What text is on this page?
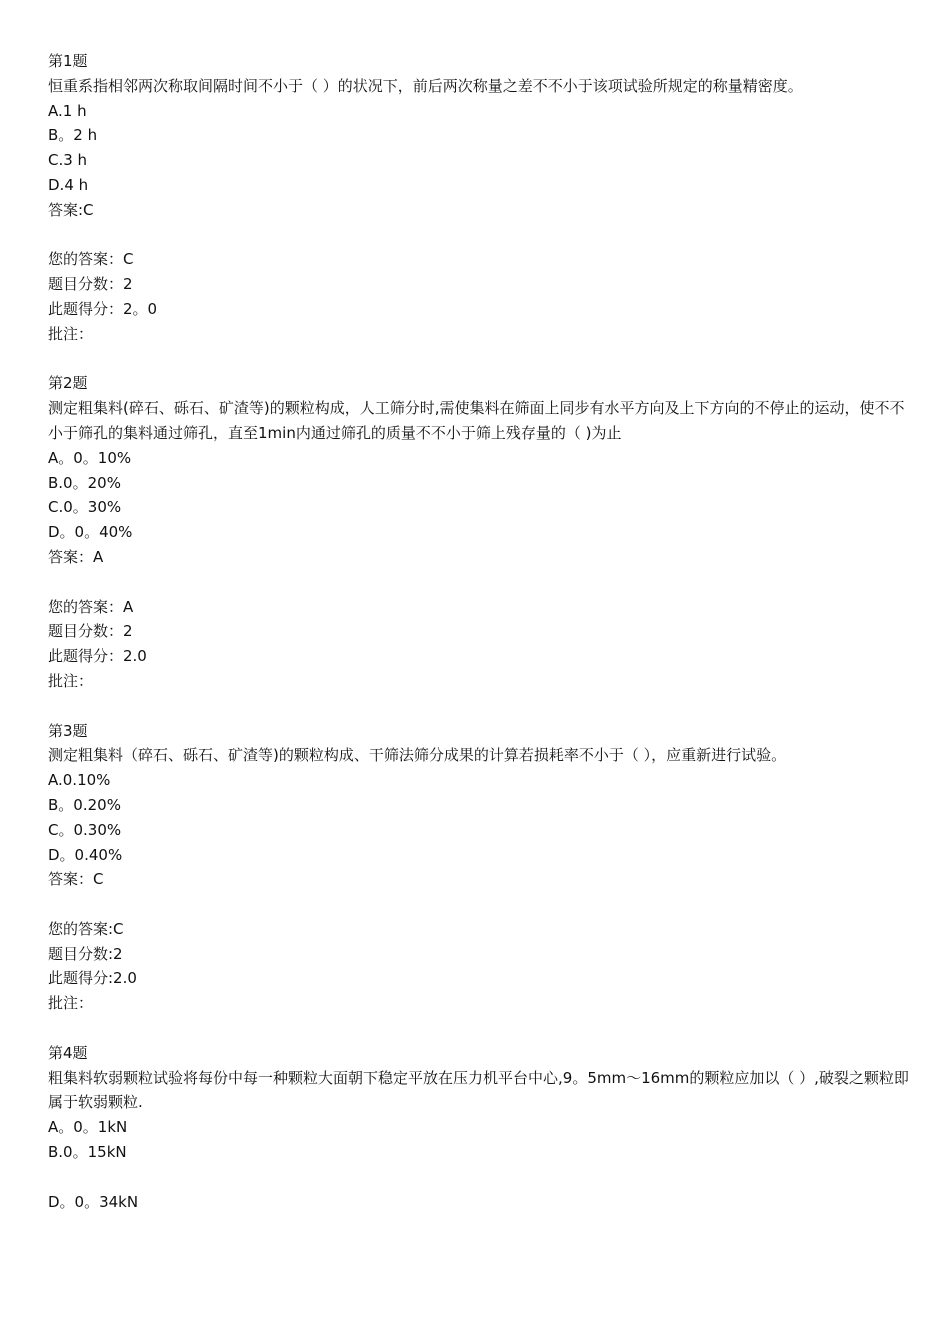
第1题
恒重系指相邻两次称取间隔时间不小于（ ）的状况下，前后两次称量之差不不小于该项试验所规定的称量精密度。
A.1 h
B。2 h
C.3 h
D.4 h
答案:C
您的答案：C
题目分数：2
此题得分：2。0
批注：
第2题
测定粗集料(碎石、砾石、矿渣等)的颗粒构成，人工筛分时,需使集料在筛面上同步有水平方向及上下方向的不停止的运动，使不不小于筛孔的集料通过筛孔，直至1min内通过筛孔的质量不不小于筛上残存量的（ )为止
A。0。10%
B.0。20%
C.0。30%
D。0。40%
答案：A
您的答案：A
题目分数：2
此题得分：2.0
批注：
第3题
测定粗集料（碎石、砾石、矿渣等)的颗粒构成、干筛法筛分成果的计算若损耗率不小于（ ），应重新进行试验。
A.0.10%
B。0.20%
C。0.30%
D。0.40%
答案：C
您的答案:C
题目分数:2
此题得分:2.0
批注：
第4题
粗集料软弱颗粒试验将每份中每一种颗粒大面朝下稳定平放在压力机平台中心,9。5mm～16mm的颗粒应加以（ ）,破裂之颗粒即属于软弱颗粒.
A。0。1kN
B.0。15kN
D。0。34kN
